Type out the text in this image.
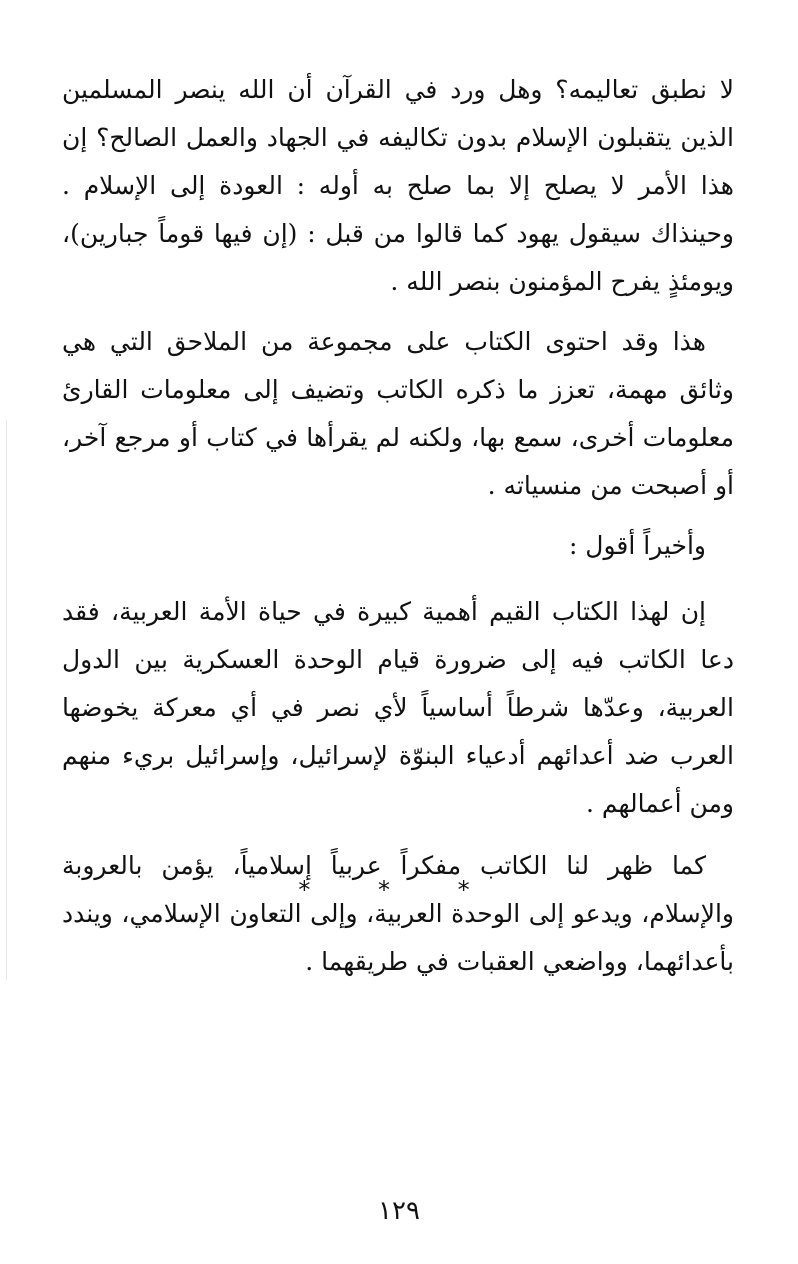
لا نطبق تعاليمه؟ وهل ورد في القرآن أن الله ينصر المسلمين الذين يتقبلون الإسلام بدون تكاليفه في الجهاد والعمل الصالح؟ إن هذا الأمر لا يصلح إلا بما صلح به أوله : العودة إلى الإسلام . وحينذاك سيقول يهود كما قالوا من قبل : (إن فيها قوماً جبارين)، ويومئذٍ يفرح المؤمنون بنصر الله .

هذا وقد احتوى الكتاب على مجموعة من الملاحق التي هي وثائق مهمة، تعزز ما ذكره الكاتب وتضيف إلى معلومات القارئ معلومات أخرى، سمع بها، ولكنه لم يقرأها في كتاب أو مرجع آخر، أو أصبحت من منسياته .

وأخيراً أقول :

إن لهذا الكتاب القيم أهمية كبيرة في حياة الأمة العربية، فقد دعا الكاتب فيه إلى ضرورة قيام الوحدة العسكرية بين الدول العربية، وعدّها شرطاً أساسياً لأي نصر في أي معركة يخوضها العرب ضد أعدائهم أدعياء البنوّة لإسرائيل، وإسرائيل بريء منهم ومن أعمالهم .

كما ظهر لنا الكاتب مفكراً عربياً إسلامياً، يؤمن بالعروبة والإسلام، ويدعو إلى الوحدة العربية، وإلى التعاون الإسلامي، ويندد بأعدائهما، وواضعي العقبات في طريقهما .

* * *
١٢٩
